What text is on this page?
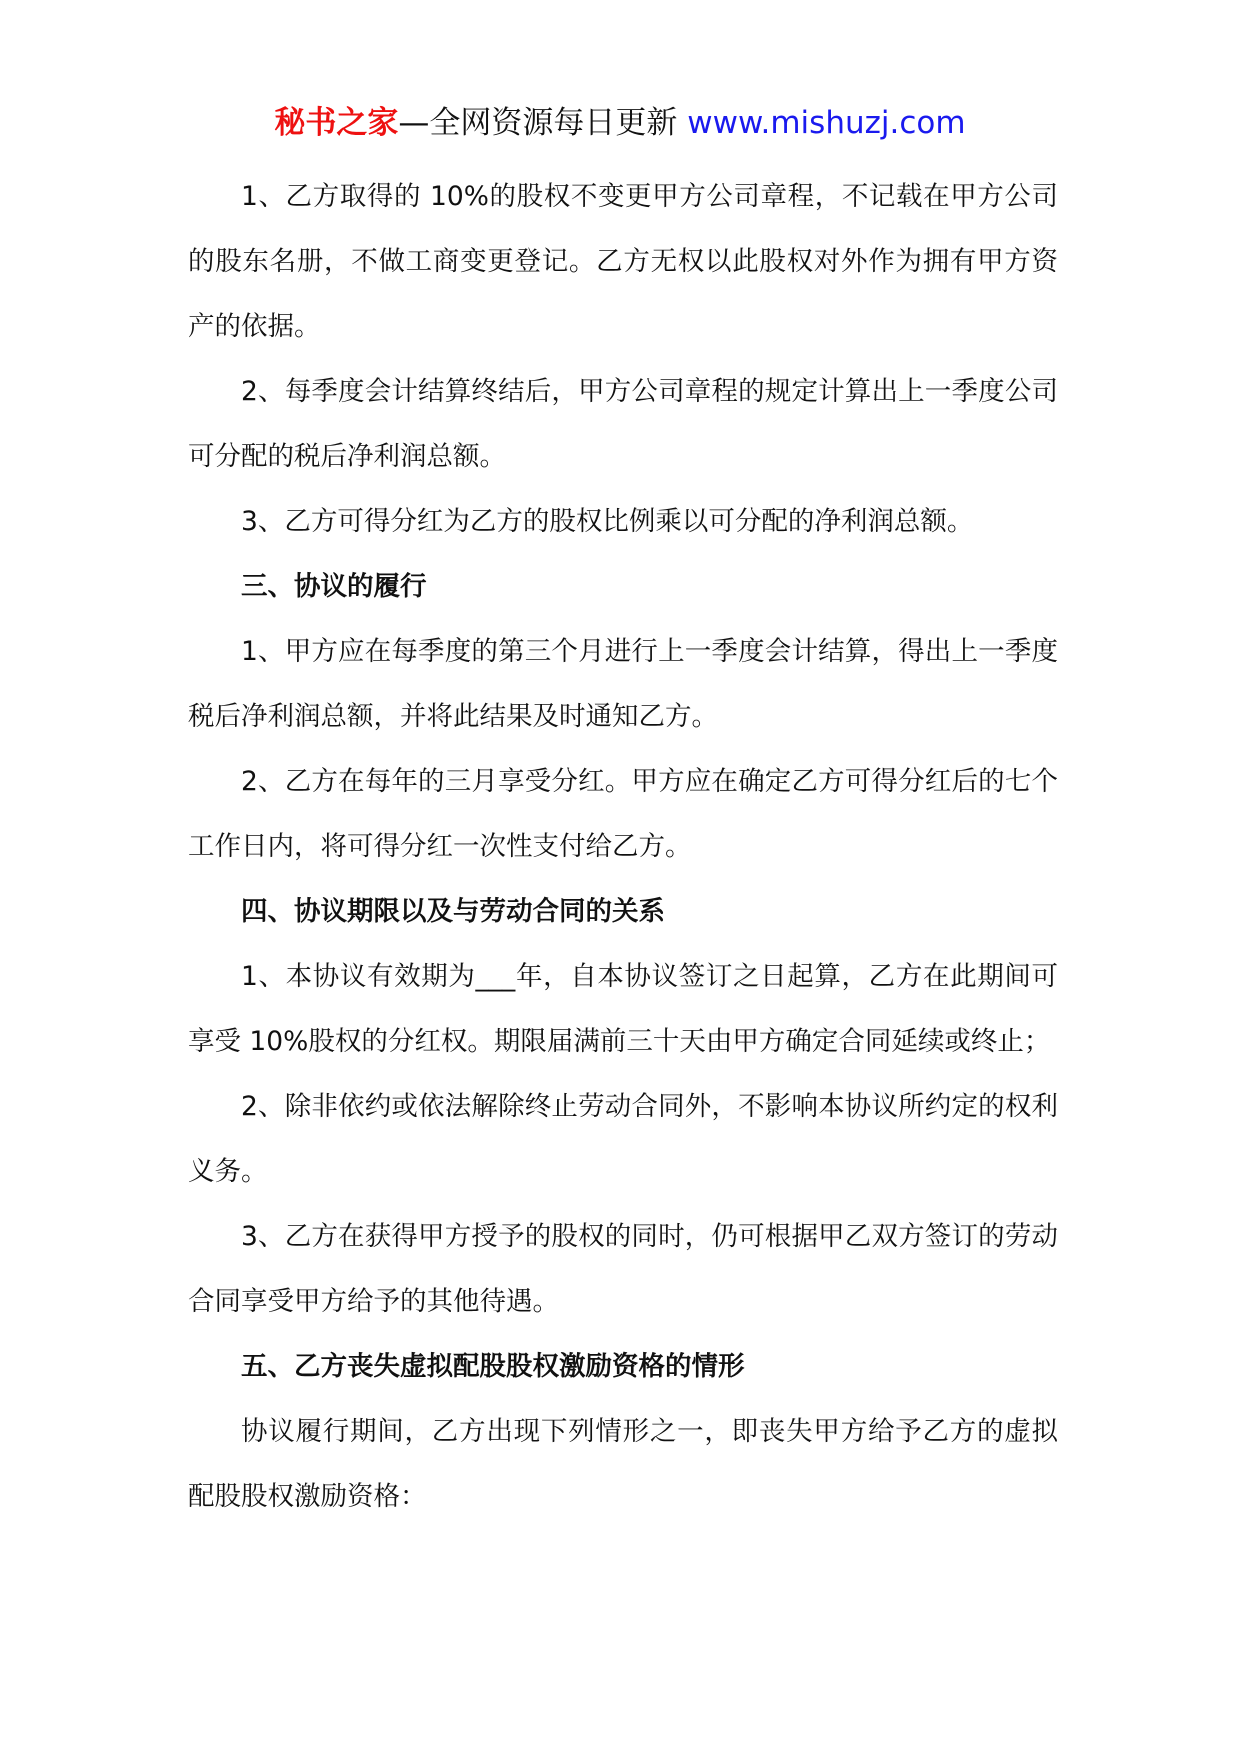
秘书之家—全网资源每日更新 www.mishuzj.com

1、乙方取得的 10%的股权不变更甲方公司章程，不记载在甲方公司的股东名册，不做工商变更登记。乙方无权以此股权对外作为拥有甲方资产的依据。

2、每季度会计结算终结后，甲方公司章程的规定计算出上一季度公司可分配的税后净利润总额。

3、乙方可得分红为乙方的股权比例乘以可分配的净利润总额。

三、协议的履行

1、甲方应在每季度的第三个月进行上一季度会计结算，得出上一季度税后净利润总额，并将此结果及时通知乙方。

2、乙方在每年的三月享受分红。甲方应在确定乙方可得分红后的七个工作日内，将可得分红一次性支付给乙方。

四、协议期限以及与劳动合同的关系

1、本协议有效期为___年，自本协议签订之日起算，乙方在此期间可享受 10%股权的分红权。期限届满前三十天由甲方确定合同延续或终止；

2、除非依约或依法解除终止劳动合同外，不影响本协议所约定的权利义务。

3、乙方在获得甲方授予的股权的同时，仍可根据甲乙双方签订的劳动合同享受甲方给予的其他待遇。

五、乙方丧失虚拟配股股权激励资格的情形

协议履行期间，乙方出现下列情形之一，即丧失甲方给予乙方的虚拟配股股权激励资格：
